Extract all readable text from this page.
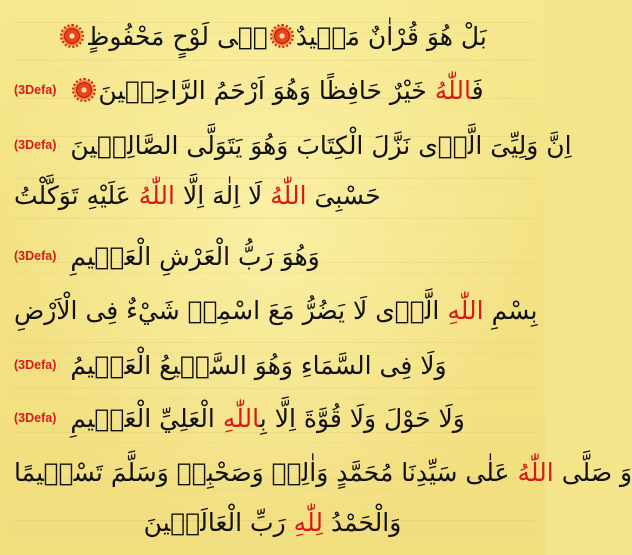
بَلْ هُوَ قُرْاٰنٌ مَجٖيدٌ
فٖى لَوْحٍ مَحْفُوظٍ
فَاللّٰهُ
خَيْرٌ حَافِظًا وَهُوَ اَرْحَمُ الرَّاحِمٖينَ
(3Defa)
اِنَّ وَلِيِّىَ الَّذٖى نَزَّلَ الْكِتَابَ وَهُوَ يَتَوَلَّى الصَّالِحٖينَ
(3Defa)
حَسْبِىَ
اللّٰهُ
لَا اِلٰهَ اِلَّا
اللّٰهُ
عَلَيْهِ تَوَكَّلْتُ
وَهُوَ رَبُّ الْعَرْشِ الْعَظٖيمِ
(3Defa)
بِسْمِ
اللّٰهِ
الَّذٖى لَا يَضُرُّ مَعَ اسْمِهٖ شَيْءٌ فِى الْاَرْضِ
وَلَا فِى السَّمَاءِ وَهُوَ السَّمٖيعُ الْعَلٖيمُ
(3Defa)
وَلَا حَوْلَ وَلَا قُوَّةَ اِلَّا بِاللّٰهِ
الْعَلِيِّ الْعَظٖيمِ
(3Defa)
وَ صَلَّى
اللّٰهُ
عَلٰى سَيِّدِنَا مُحَمَّدٍ وَاٰلِهٖ وَصَحْبِهٖ وَسَلَّمَ تَسْلٖيمًا
وَالْحَمْدُ
لِلّٰهِ
رَبِّ الْعَالَمٖينَ
